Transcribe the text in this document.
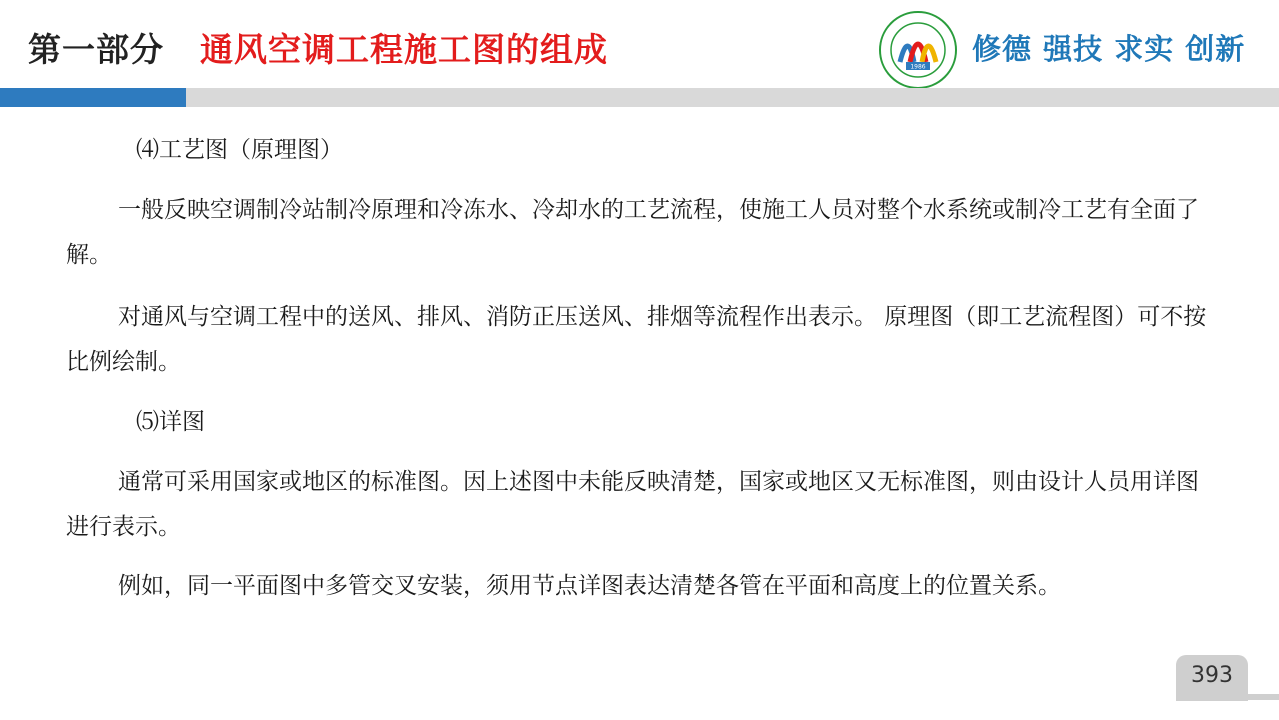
第一部分 通风空调工程施工图的组成	1986
修德 强技 求实 创新

⑷工艺图（原理图）

一般反映空调制冷站制冷原理和冷冻水、冷却水的工艺流程，使施工人员对整个水系统或制冷工艺有全面了解。

对通风与空调工程中的送风、排风、消防正压送风、排烟等流程作出表示。 原理图（即工艺流程图）可不按比例绘制。

⑸详图

通常可采用国家或地区的标准图。因上述图中未能反映清楚，国家或地区又无标准图，则由设计人员用详图进行表示。

例如，同一平面图中多管交叉安装，须用节点详图表达清楚各管在平面和高度上的位置关系。

393
